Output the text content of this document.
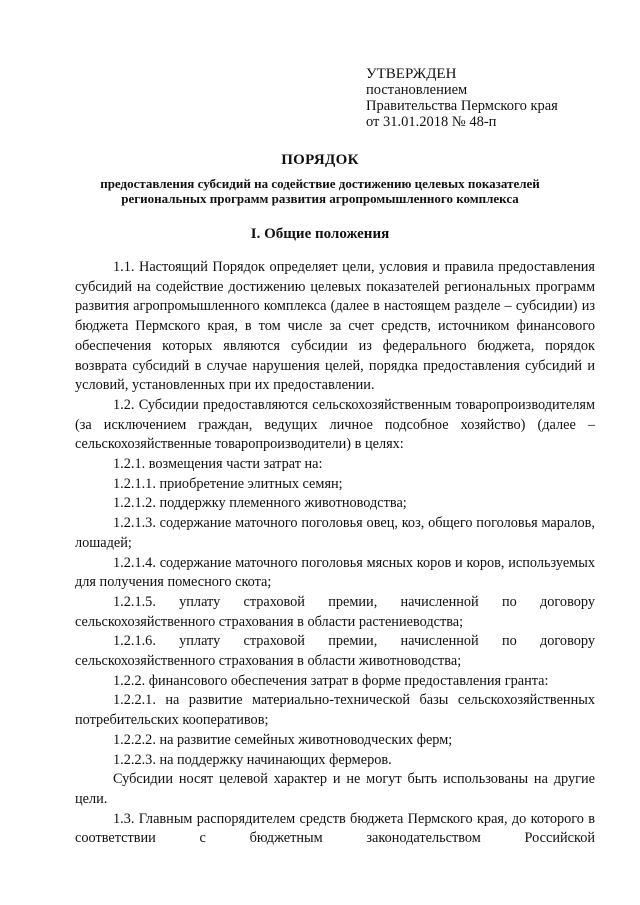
УТВЕРЖДЕН
постановлением
Правительства Пермского края
от 31.01.2018 № 48-п
ПОРЯДОК
предоставления субсидий на содействие достижению целевых показателей
региональных программ развития агропромышленного комплекса
I. Общие положения

1.1. Настоящий Порядок определяет цели, условия и правила предоставления субсидий на содействие достижению целевых показателей региональных программ развития агропромышленного комплекса (далее в настоящем разделе – субсидии) из бюджета Пермского края, в том числе за счет средств, источником финансового обеспечения которых являются субсидии из федерального бюджета, порядок возврата субсидий в случае нарушения целей, порядка предоставления субсидий и условий, установленных при их предоставлении.

1.2. Субсидии предоставляются сельскохозяйственным товаропроизводителям (за исключением граждан, ведущих личное подсобное хозяйство) (далее – сельскохозяйственные товаропроизводители) в целях:

1.2.1. возмещения части затрат на:

1.2.1.1. приобретение элитных семян;

1.2.1.2. поддержку племенного животноводства;

1.2.1.3. содержание маточного поголовья овец, коз, общего поголовья маралов, лошадей;

1.2.1.4. содержание маточного поголовья мясных коров и коров, используемых для получения помесного скота;

1.2.1.5. уплату страховой премии, начисленной по договору сельскохозяйственного страхования в области растениеводства;

1.2.1.6. уплату страховой премии, начисленной по договору сельскохозяйственного страхования в области животноводства;

1.2.2. финансового обеспечения затрат в форме предоставления гранта:

1.2.2.1. на развитие материально-технической базы сельскохозяйственных потребительских кооперативов;

1.2.2.2. на развитие семейных животноводческих ферм;

1.2.2.3. на поддержку начинающих фермеров.

Субсидии носят целевой характер и не могут быть использованы на другие цели.

1.3. Главным распорядителем средств бюджета Пермского края, до которого в соответствии с бюджетным законодательством Российской
